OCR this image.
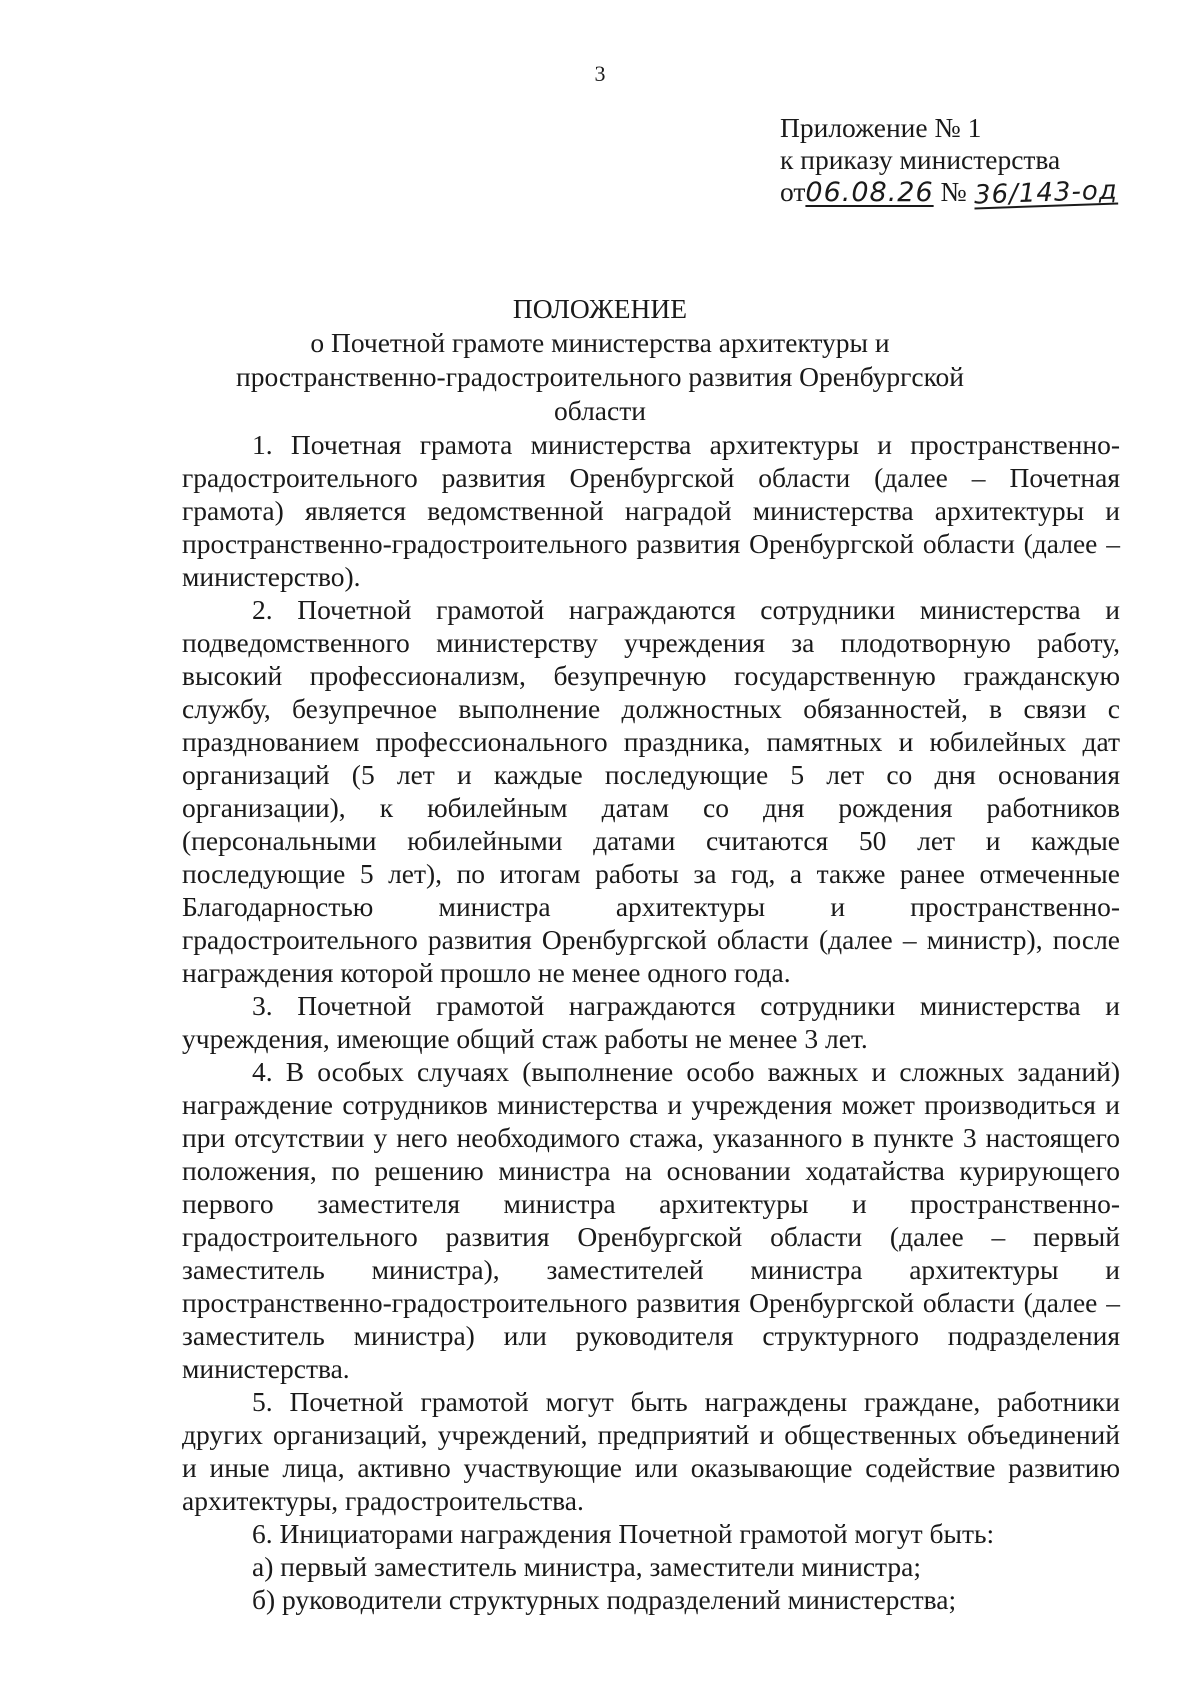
3
Приложение № 1
к приказу министерства
от06.08.26 № 36/143-од
ПОЛОЖЕНИЕ
о Почетной грамоте министерства архитектуры и пространственно-градостроительного развития Оренбургской области

1. Почетная грамота министерства архитектуры и пространственно-градостроительного развития Оренбургской области (далее – Почетная грамота) является ведомственной наградой министерства архитектуры и пространственно-градостроительного развития Оренбургской области (далее – министерство).

2. Почетной грамотой награждаются сотрудники министерства и подведомственного министерству учреждения за плодотворную работу, высокий профессионализм, безупречную государственную гражданскую службу, безупречное выполнение должностных обязанностей, в связи с празднованием профессионального праздника, памятных и юбилейных дат организаций (5 лет и каждые последующие 5 лет со дня основания организации), к юбилейным датам со дня рождения работников (персональными юбилейными датами считаются 50 лет и каждые последующие 5 лет), по итогам работы за год, а также ранее отмеченные Благодарностью министра архитектуры и пространственно-градостроительного развития Оренбургской области (далее – министр), после награждения которой прошло не менее одного года.

3. Почетной грамотой награждаются сотрудники министерства и учреждения, имеющие общий стаж работы не менее 3 лет.

4. В особых случаях (выполнение особо важных и сложных заданий) награждение сотрудников министерства и учреждения может производиться и при отсутствии у него необходимого стажа, указанного в пункте 3 настоящего положения, по решению министра на основании ходатайства курирующего первого заместителя министра архитектуры и пространственно-градостроительного развития Оренбургской области (далее – первый заместитель министра), заместителей министра архитектуры и пространственно-градостроительного развития Оренбургской области (далее – заместитель министра) или руководителя структурного подразделения министерства.

5. Почетной грамотой могут быть награждены граждане, работники других организаций, учреждений, предприятий и общественных объединений и иные лица, активно участвующие или оказывающие содействие развитию архитектуры, градостроительства.

6. Инициаторами награждения Почетной грамотой могут быть:

а) первый заместитель министра, заместители министра;

б) руководители структурных подразделений министерства;
